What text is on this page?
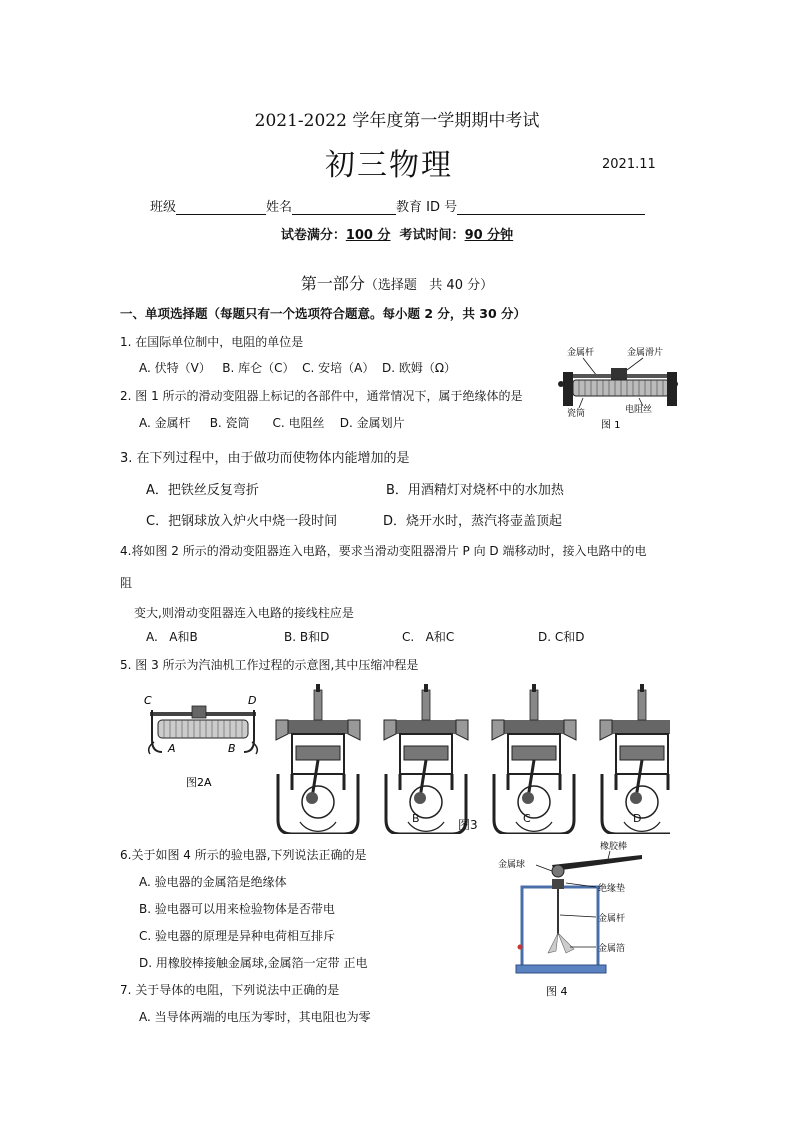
2021-2022 学年度第一学期期中考试
初三物理	2021.11
班级	姓名	教育 ID 号
试卷满分：100 分  考试时间：90 分钟
第一部分（选择题   共 40 分）
一、单项选择题（每题只有一个选项符合题意。每小题 2 分，共 30 分）
1. 在国际单位制中，电阻的单位是
A. 伏特（V）   B. 库仑（C）  C. 安培（A）  D. 欧姆（Ω）
2. 图 1 所示的滑动变阻器上标记的各部件中，通常情况下，属于绝缘体的是
A. 金属杆     B. 瓷筒      C. 电阻丝    D. 金属划片
3. 在下列过程中，由于做功而使物体内能增加的是
A．把铁丝反复弯折	B．用酒精灯对烧杯中的水加热
C．把钢球放入炉火中烧一段时间	D．烧开水时，蒸汽将壶盖顶起
4.将如图 2 所示的滑动变阻器连入电路，要求当滑动变阻器滑片 P 向 D 端移动时，接入电路中的电
阻
变大,则滑动变阻器连入电路的接线柱应是
A.   A和B	B. B和D	C.   A和C	D. C和D
5. 图 3 所示为汽油机工作过程的示意图,其中压缩冲程是
6.关于如图 4 所示的验电器,下列说法正确的是
A. 验电器的金属箔是绝缘体
B. 验电器可以用来检验物体是否带电
C. 验电器的原理是异种电荷相互排斥
D. 用橡胶棒接触金属球,金属箔一定带 正电
7. 关于导体的电阻，下列说法中正确的是
A. 当导体两端的电压为零时，其电阻也为零
金属杆	金属滑片
瓷筒	电阻丝
图 1
C	D
A	B
图2A
B	图3	C	D
橡胶棒
金属球
绝缘垫
金属杆
金属箔
图 4
